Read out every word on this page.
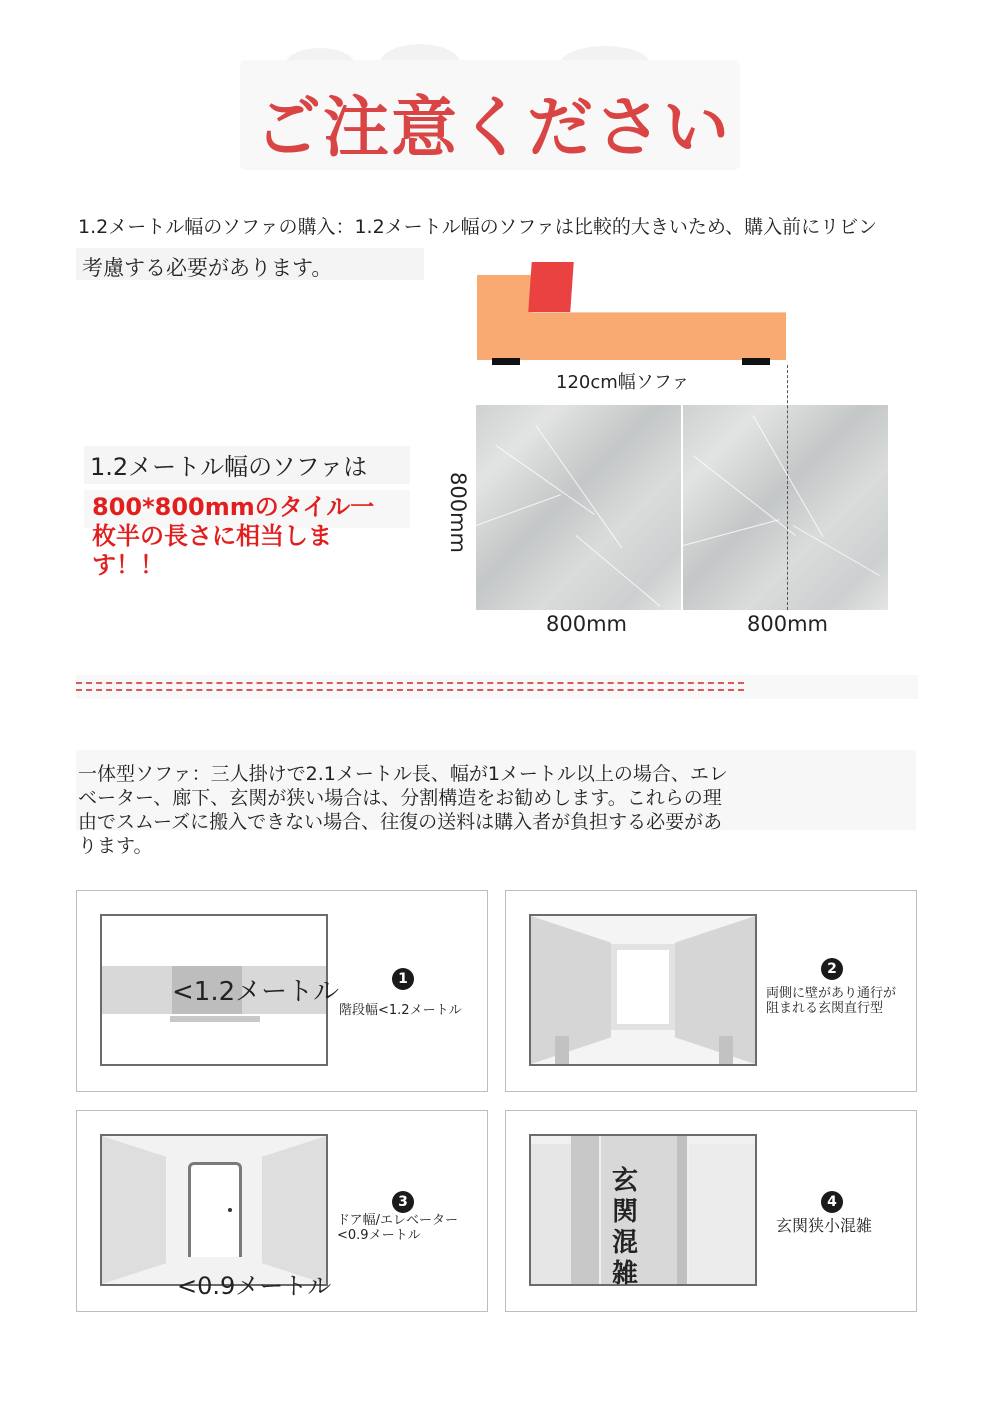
ご注意ください
1.2メートル幅のソファの購入：1.2メートル幅のソファは比較的大きいため、購入前にリビン
考慮する必要があります。
120cm幅ソファ
800mm
800mm	800mm
1.2メートル幅のソファは
800*800mmのタイル一枚半の長さに相当します！！
一体型ソファ：三人掛けで2.1メートル長、幅が1メートル以上の場合、エレベーター、廊下、玄関が狭い場合は、分割構造をお勧めします。これらの理由でスムーズに搬入できない場合、往復の送料は購入者が負担する必要があります。
<1.2メートル	1
階段幅<1.2メートル
2
両側に壁があり通行が阻まれる玄関直行型
<0.9メートル
3
ドア幅/エレベーター<0.9メートル
玄関混雑
4
玄関狭小混雑
